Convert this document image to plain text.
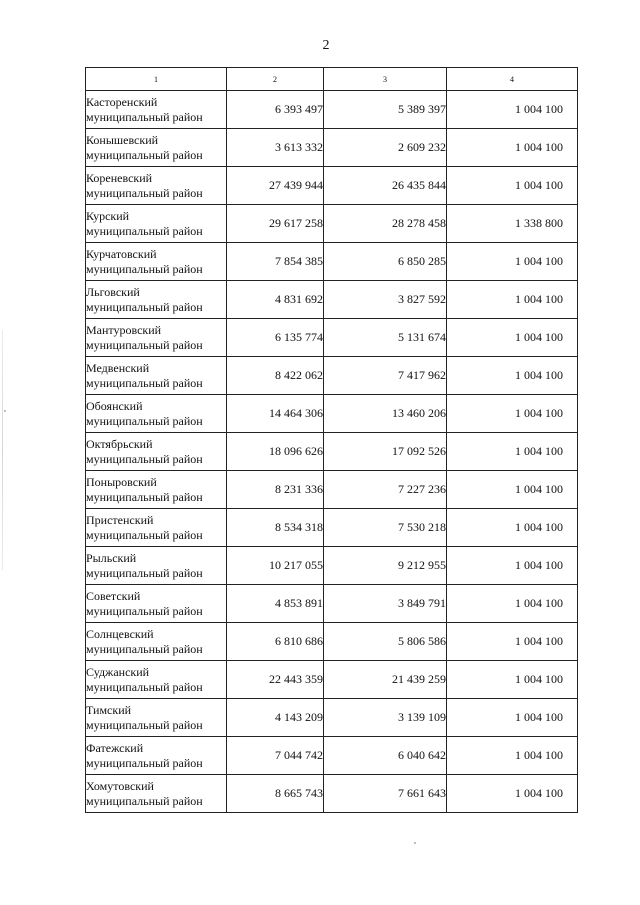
2
1	2	3	4

Касторенский
муниципальный район	6 393 497	5 389 397	1 004 100

Конышевский
муниципальный район	3 613 332	2 609 232	1 004 100

Кореневский
муниципальный район	27 439 944	26 435 844	1 004 100

Курский
муниципальный район	29 617 258	28 278 458	1 338 800

Курчатовский
муниципальный район	7 854 385	6 850 285	1 004 100

Льговский
муниципальный район	4 831 692	3 827 592	1 004 100

Мантуровский
муниципальный район	6 135 774	5 131 674	1 004 100

Медвенский
муниципальный район	8 422 062	7 417 962	1 004 100

Обоянский
муниципальный район	14 464 306	13 460 206	1 004 100

Октябрьский
муниципальный район	18 096 626	17 092 526	1 004 100

Поныровский
муниципальный район	8 231 336	7 227 236	1 004 100

Пристенский
муниципальный район	8 534 318	7 530 218	1 004 100

Рыльский
муниципальный район	10 217 055	9 212 955	1 004 100

Советский
муниципальный район	4 853 891	3 849 791	1 004 100

Солнцевский
муниципальный район	6 810 686	5 806 586	1 004 100

Суджанский
муниципальный район	22 443 359	21 439 259	1 004 100

Тимский
муниципальный район	4 143 209	3 139 109	1 004 100

Фатежский
муниципальный район	7 044 742	6 040 642	1 004 100

Хомутовский
муниципальный район	8 665 743	7 661 643	1 004 100
